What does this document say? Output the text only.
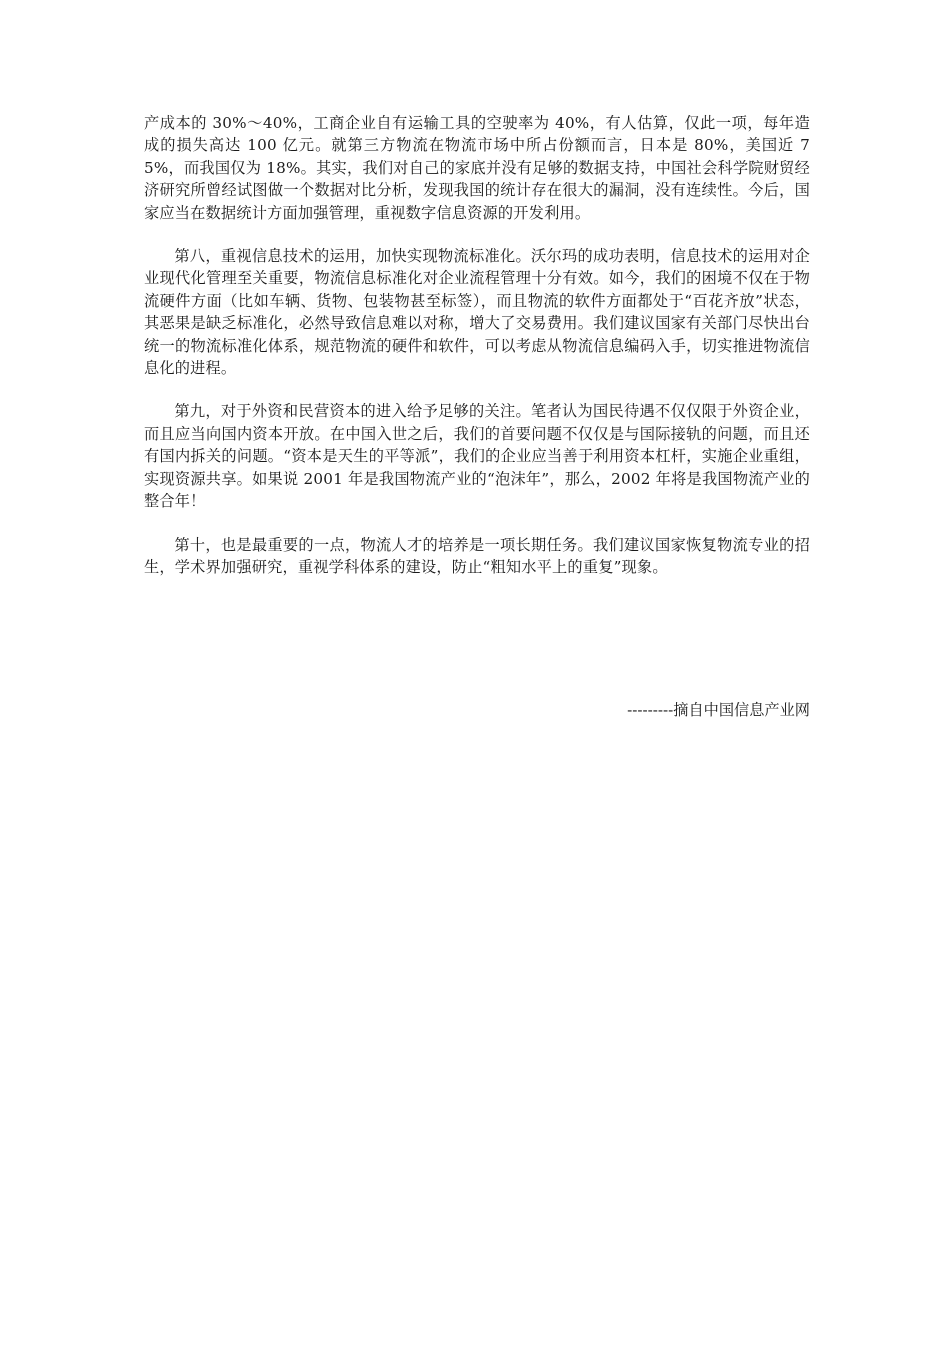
产成本的 30%～40%，工商企业自有运输工具的空驶率为 40%，有人估算，仅此一项，每年造成的损失高达 100 亿元。就第三方物流在物流市场中所占份额而言，日本是 80%，美国近 75%，而我国仅为 18%。其实，我们对自己的家底并没有足够的数据支持，中国社会科学院财贸经济研究所曾经试图做一个数据对比分析，发现我国的统计存在很大的漏洞，没有连续性。今后，国家应当在数据统计方面加强管理，重视数字信息资源的开发利用。

第八，重视信息技术的运用，加快实现物流标准化。沃尔玛的成功表明，信息技术的运用对企业现代化管理至关重要，物流信息标准化对企业流程管理十分有效。如今，我们的困境不仅在于物流硬件方面（比如车辆、货物、包装物甚至标签），而且物流的软件方面都处于“百花齐放”状态，其恶果是缺乏标准化，必然导致信息难以对称，增大了交易费用。我们建议国家有关部门尽快出台统一的物流标准化体系，规范物流的硬件和软件，可以考虑从物流信息编码入手，切实推进物流信息化的进程。

第九，对于外资和民营资本的进入给予足够的关注。笔者认为国民待遇不仅仅限于外资企业，而且应当向国内资本开放。在中国入世之后，我们的首要问题不仅仅是与国际接轨的问题，而且还有国内拆关的问题。“资本是天生的平等派”，我们的企业应当善于利用资本杠杆，实施企业重组，实现资源共享。如果说 2001 年是我国物流产业的“泡沫年”，那么，2002 年将是我国物流产业的整合年！

第十，也是最重要的一点，物流人才的培养是一项长期任务。我们建议国家恢复物流专业的招生，学术界加强研究，重视学科体系的建设，防止“粗知水平上的重复”现象。

---------摘自中国信息产业网
